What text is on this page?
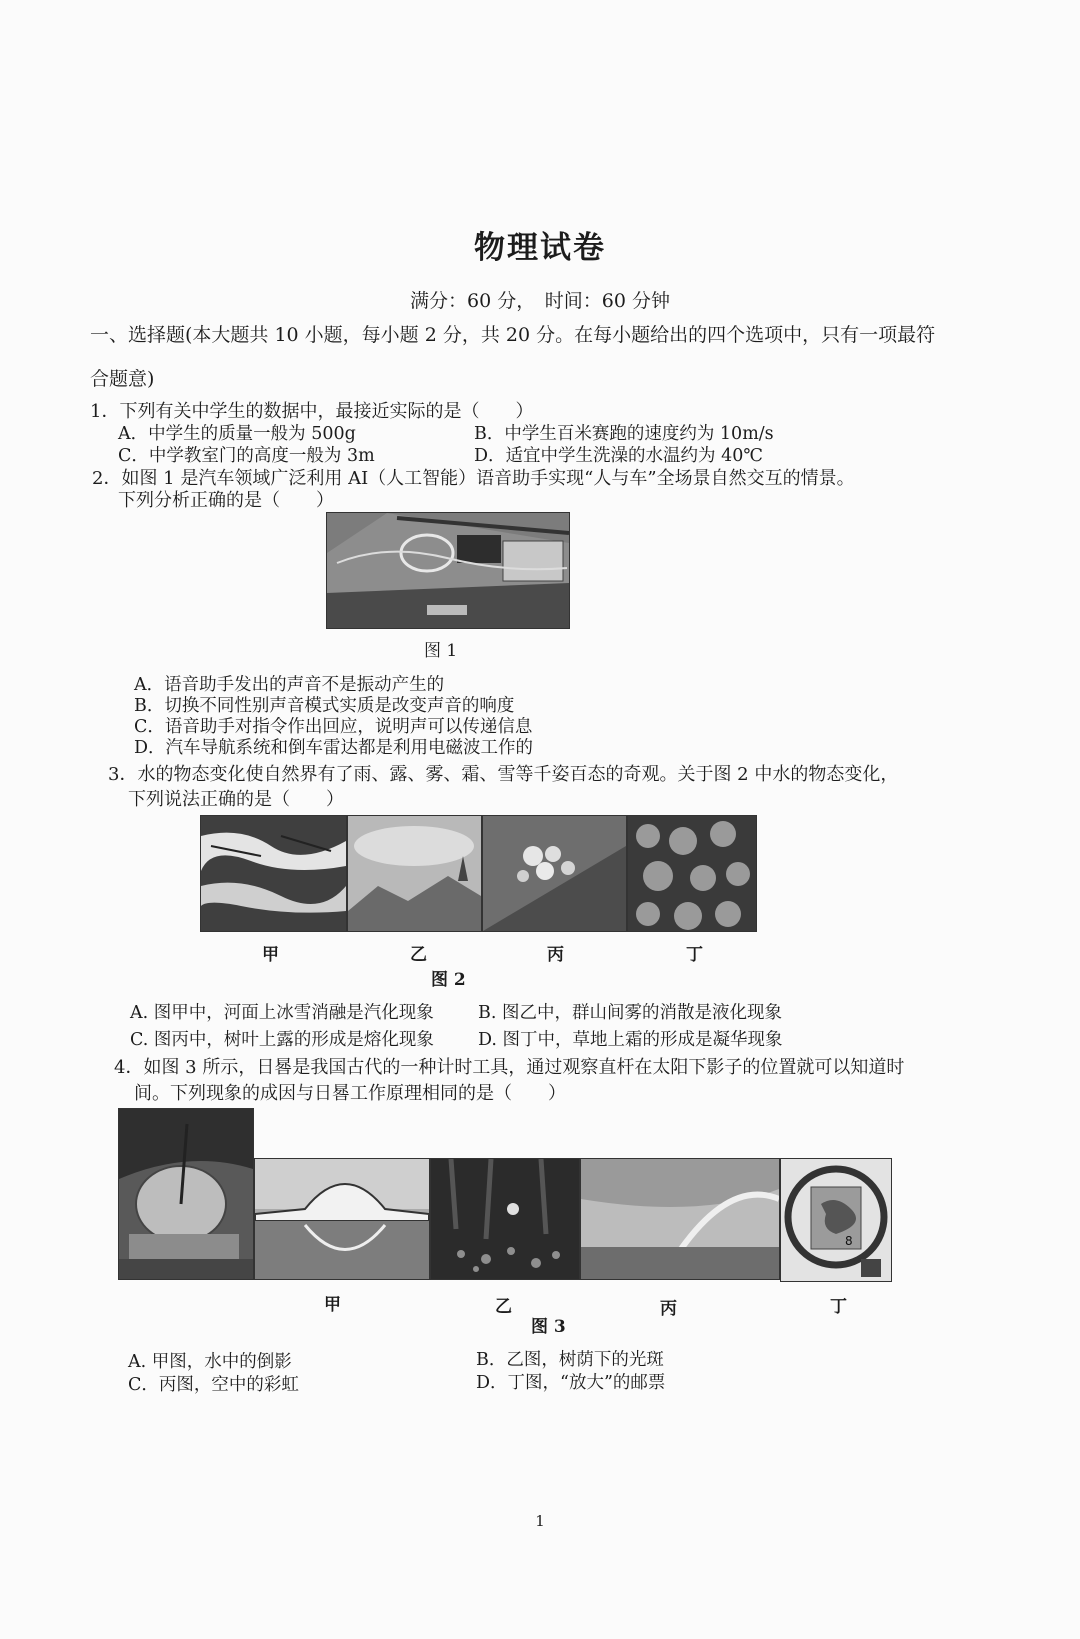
物理试卷
满分：60 分，　时间：60 分钟
一、选择题(本大题共 10 小题，每小题 2 分，共 20 分。在每小题给出的四个选项中，只有一项最符
合题意)
1．下列有关中学生的数据中，最接近实际的是（　　）
A．中学生的质量一般为 500g	B．中学生百米赛跑的速度约为 10m/s
C．中学教室门的高度一般为 3m	D．适宜中学生洗澡的水温约为 40℃
2．如图 1 是汽车领域广泛利用 AI（人工智能）语音助手实现“人与车”全场景自然交互的情景。
下列分析正确的是（　　）
图 1
A．语音助手发出的声音不是振动产生的
B．切换不同性别声音模式实质是改变声音的响度
C．语音助手对指令作出回应，说明声可以传递信息
D．汽车导航系统和倒车雷达都是利用电磁波工作的
3．水的物态变化使自然界有了雨、露、雾、霜、雪等千姿百态的奇观。关于图 2 中水的物态变化，
下列说法正确的是（　　）
甲	乙	丙	丁
图 2
A. 图甲中，河面上冰雪消融是汽化现象	B. 图乙中，群山间雾的消散是液化现象
C. 图丙中，树叶上露的形成是熔化现象	D. 图丁中，草地上霜的形成是凝华现象
4．如图 3 所示，日晷是我国古代的一种计时工具，通过观察直杆在太阳下影子的位置就可以知道时
间。下列现象的成因与日晷工作原理相同的是（　　）
8
甲	乙	丙	丁
图 3
A. 甲图，水中的倒影	B．乙图，树荫下的光斑
C．丙图，空中的彩虹	D．丁图，“放大”的邮票
1
